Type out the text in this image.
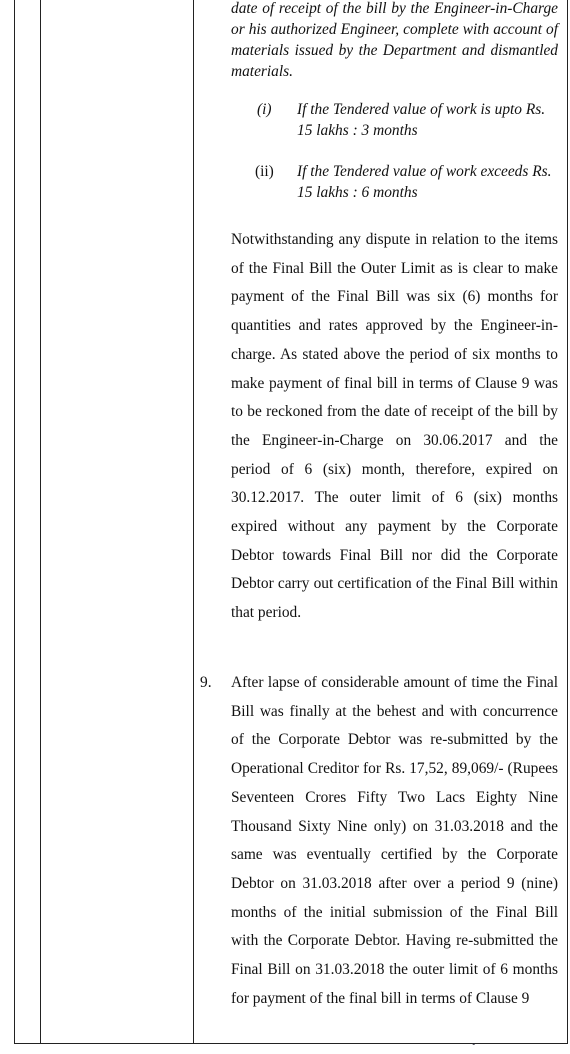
date of receipt of the bill by the Engineer-in-Charge or his authorized Engineer, complete with account of materials issued by the Department and dismantled materials.

(i) If the Tendered value of work is upto Rs. 15 lakhs : 3 months
(ii) If the Tendered value of work exceeds Rs. 15 lakhs : 6 months

Notwithstanding any dispute in relation to the items of the Final Bill the Outer Limit as is clear to make payment of the Final Bill was six (6) months for quantities and rates approved by the Engineer-in-charge. As stated above the period of six months to make payment of final bill in terms of Clause 9 was to be reckoned from the date of receipt of the bill by the Engineer-in-Charge on 30.06.2017 and the period of 6 (six) month, therefore, expired on 30.12.2017. The outer limit of 6 (six) months expired without any payment by the Corporate Debtor towards Final Bill nor did the Corporate Debtor carry out certification of the Final Bill within that period.

9. After lapse of considerable amount of time the Final Bill was finally at the behest and with concurrence of the Corporate Debtor was re-submitted by the Operational Creditor for Rs. 17,52, 89,069/- (Rupees Seventeen Crores Fifty Two Lacs Eighty Nine Thousand Sixty Nine only) on 31.03.2018 and the same was eventually certified by the Corporate Debtor on 31.03.2018 after over a period 9 (nine) months of the initial submission of the Final Bill with the Corporate Debtor. Having re-submitted the Final Bill on 31.03.2018 the outer limit of 6 months for payment of the final bill in terms of Clause 9
ˇ
